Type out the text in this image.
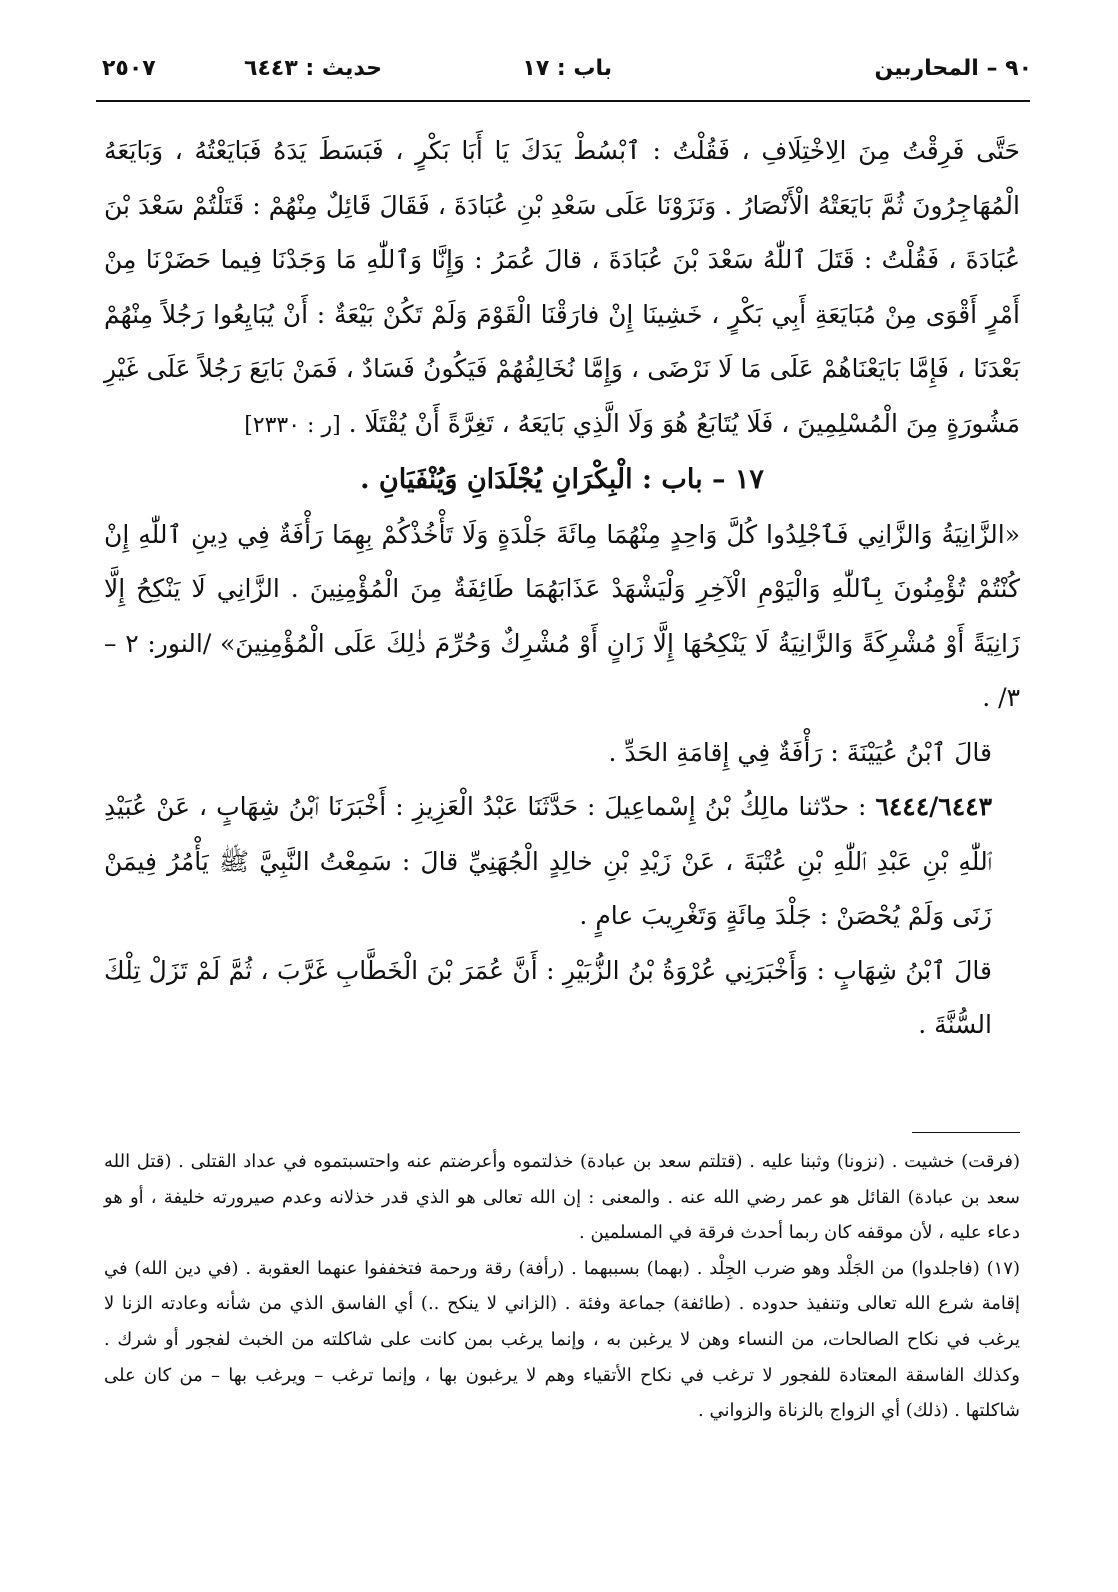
٩٠ – المحاربين
باب : ١٧
حديث : ٦٤٤٣
٢٥٠٧

حَتَّى فَرِقْتُ مِنَ الِاخْتِلَافِ ، فَقُلْتُ : ٱبْسُطْ يَدَكَ يَا أَبَا بَكْرٍ ، فَبَسَطَ يَدَهُ فَبَايَعْتُهُ ، وَبَايَعَهُ الْمُهَاجِرُونَ ثُمَّ بَايَعَتْهُ الْأَنْصَارُ . وَنَزَوْنَا عَلَى سَعْدِ بْنِ عُبَادَةَ ، فَقَالَ قَائِلٌ مِنْهُمْ : قَتَلْتُمْ سَعْدَ بْنَ عُبَادَةَ ، فَقُلْتُ : قَتَلَ ٱللّٰهُ سَعْدَ بْنَ عُبَادَةَ ، قالَ عُمَرُ : وَإِنَّا وَٱللّٰهِ مَا وَجَدْنَا فِيما حَضَرْنَا مِنْ أَمْرٍ أَقْوَى مِنْ مُبَايَعَةِ أَبِي بَكْرٍ ، خَشِينَا إِنْ فارَقْنَا الْقَوْمَ وَلَمْ تَكُنْ بَيْعَةٌ : أَنْ يُبَايِعُوا رَجُلاً مِنْهُمْ بَعْدَنَا ، فَإِمَّا بَايَعْنَاهُمْ عَلَى مَا لَا نَرْضَى ، وَإِمَّا نُخَالِفُهُمْ فَيَكُونُ فَسَادٌ ، فَمَنْ بَايَعَ رَجُلاً عَلَى غَيْرِ مَشُورَةٍ مِنَ الْمُسْلِمِينَ ، فَلَا يُتَابَعُ هُوَ وَلَا الَّذِي بَايَعَهُ ، تَغِرَّةً أَنْ يُقْتَلَا . [ر : ٢٣٣٠]

١٧ – باب : الْبِكْرَانِ يُجْلَدَانِ وَيُنْفَيَانِ .

«الزَّانِيَةُ وَالزَّانِي فَٱجْلِدُوا كُلَّ وَاحِدٍ مِنْهُمَا مِائَةَ جَلْدَةٍ وَلَا تَأْخُذْكُمْ بِهِمَا رَأْفَةٌ فِي دِينِ ٱللّٰهِ إِنْ كُنْتُمْ تُؤْمِنُونَ بِٱللّٰهِ وَالْيَوْمِ الْآخِرِ وَلْيَشْهَدْ عَذَابَهُمَا طَائِفَةٌ مِنَ الْمُؤْمِنِينَ . الزَّانِي لَا يَنْكِحُ إِلَّا زَانِيَةً أَوْ مُشْرِكَةً وَالزَّانِيَةُ لَا يَنْكِحُهَا إِلَّا زَانٍ أَوْ مُشْرِكٌ وَحُرِّمَ ذٰلِكَ عَلَى الْمُؤْمِنِينَ» /النور: ٢ – ٣/ .

قالَ ٱبْنُ عُيَيْنَةَ : رَأْفَةٌ فِي إِقامَةِ الحَدِّ .

٦٤٤٤/٦٤٤٣ : حدّثنا مالِكُ بْنُ إِسْماعِيلَ : حَدَّثَنَا عَبْدُ الْعَزِيزِ : أَخْبَرَنَا ٱبْنُ شِهَابٍ ، عَنْ عُبَيْدِ ٱللّٰهِ بْنِ عَبْدِ ٱللّٰهِ بْنِ عُتْبَةَ ، عَنْ زَيْدِ بْنِ خالِدٍ الْجُهَنِيِّ قالَ : سَمِعْتُ النَّبِيَّ ﷺ يَأْمُرُ فِيمَنْ زَنَى وَلَمْ يُحْصَنْ : جَلْدَ مِائَةٍ وَتَغْرِيبَ عامٍ .

قالَ ٱبْنُ شِهَابٍ : وَأَخْبَرَنِي عُرْوَةُ بْنُ الزُّبَيْرِ : أَنَّ عُمَرَ بْنَ الْخَطَّابِ غَرَّبَ ، ثُمَّ لَمْ تَزَلْ تِلْكَ السُّنَّةَ .

(فرقت) خشيت . (نزونا) وثبنا عليه . (قتلتم سعد بن عبادة) خذلتموه وأعرضتم عنه واحتسبتموه في عداد القتلى . (قتل الله سعد بن عبادة) القائل هو عمر رضي الله عنه . والمعنى : إن الله تعالى هو الذي قدر خذلانه وعدم صيرورته خليفة ، أو هو دعاء عليه ، لأن موقفه كان ربما أحدث فرقة في المسلمين .

(١٧) (فاجلدوا) من الجَلْد وهو ضرب الجِلْد . (بهما) بسببهما . (رأفة) رقة ورحمة فتخففوا عنهما العقوبة . (في دين الله) في إقامة شرع الله تعالى وتنفيذ حدوده . (طائفة) جماعة وفئة . (الزاني لا ينكح ..) أي الفاسق الذي من شأنه وعادته الزنا لا يرغب في نكاح الصالحات، من النساء وهن لا يرغبن به ، وإنما يرغب بمن كانت على شاكلته من الخبث لفجور أو شرك . وكذلك الفاسقة المعتادة للفجور لا ترغب في نكاح الأتقياء وهم لا يرغبون بها ، وإنما ترغب – ويرغب بها – من كان على شاكلتها . (ذلك) أي الزواج بالزناة والزواني .
